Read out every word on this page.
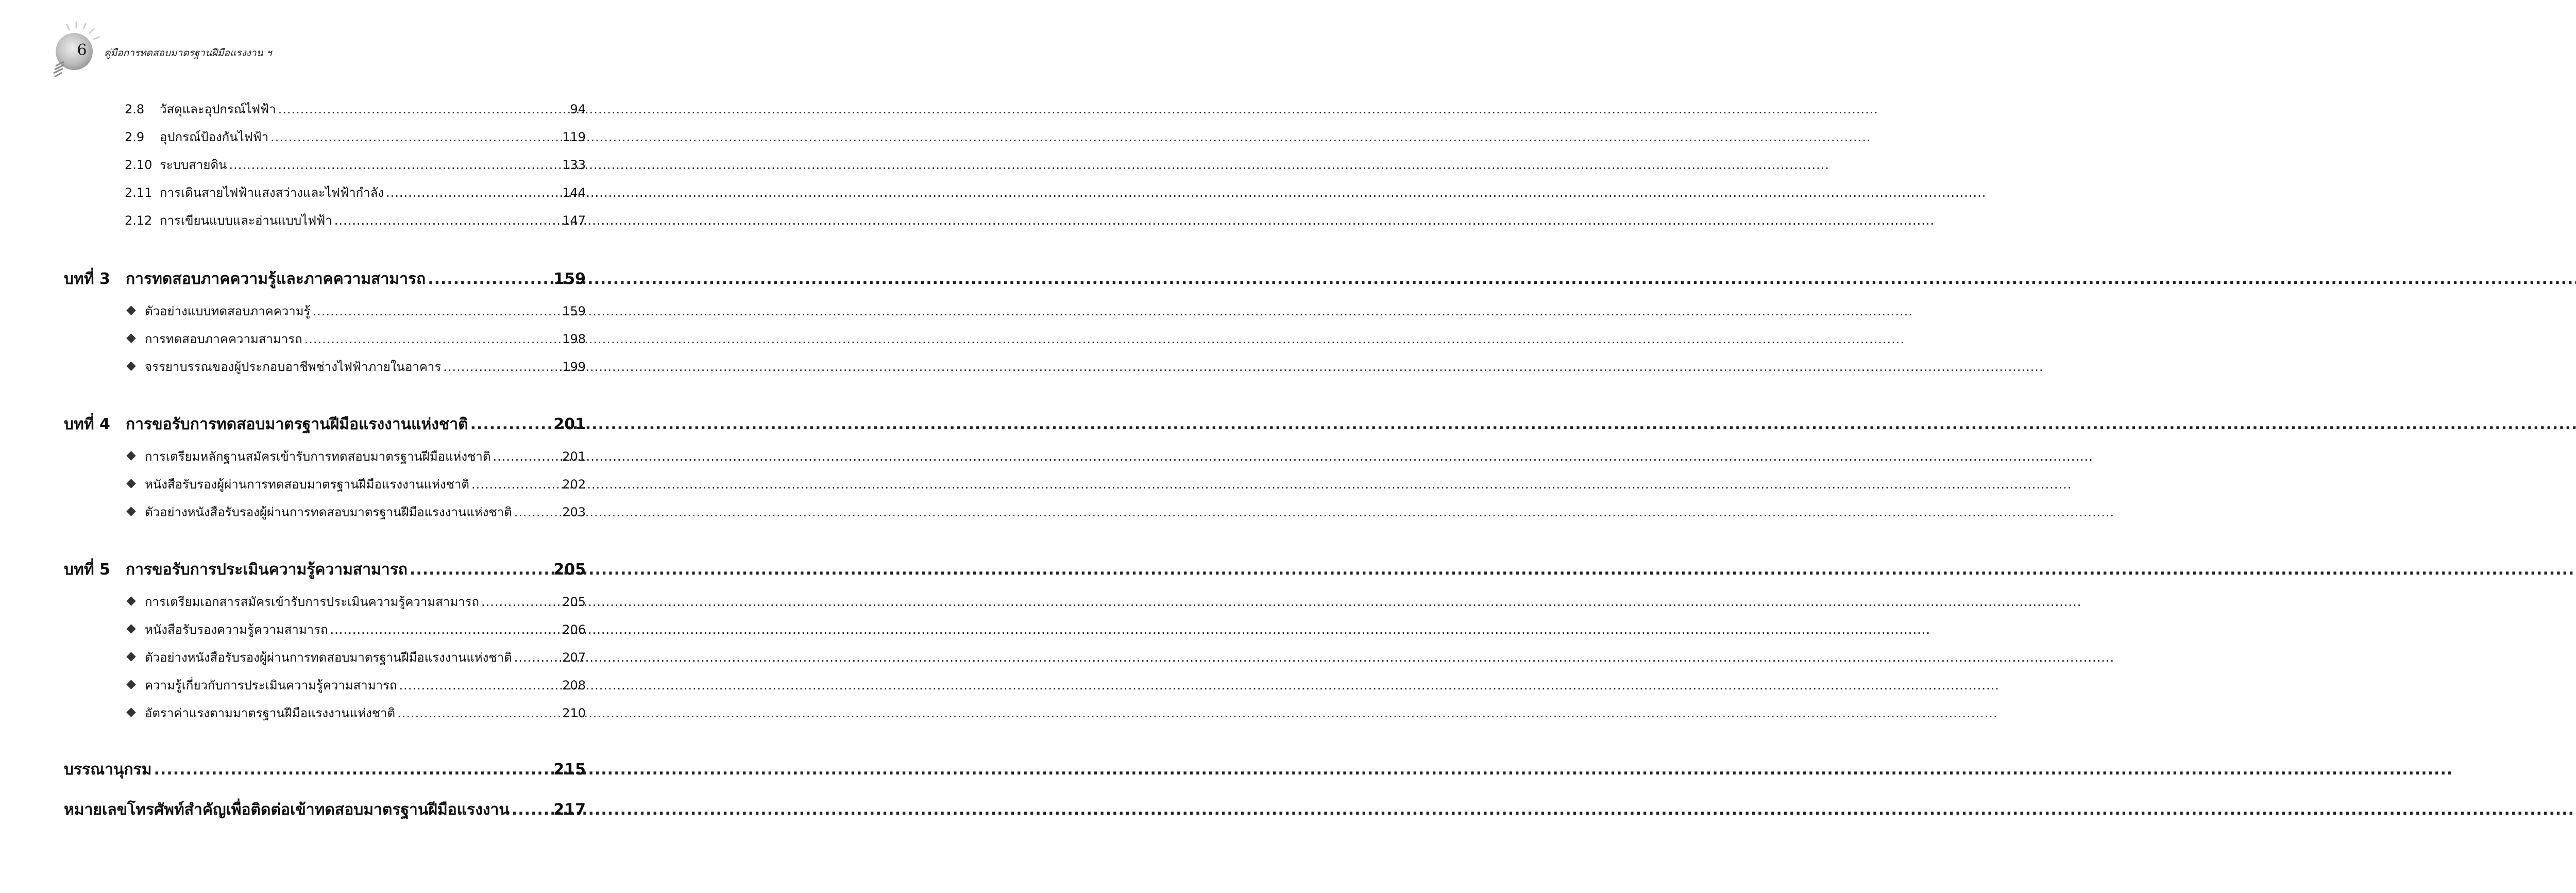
6	คู่มือการทดสอบมาตรฐานฝีมือแรงงาน ฯ
2.8	วัสดุและอุปกรณ์ไฟฟ้า .....	94
2.9	อุปกรณ์ป้องกันไฟฟ้า .....	119
2.10 ระบบสายดิน .....	133
2.11 การเดินสายไฟฟ้าแสงสว่างและไฟฟ้ากำลัง .....	144
2.12 การเขียนแบบและอ่านแบบไฟฟ้า .....	147
บทที่ 3	การทดสอบภาคความรู้และภาคความสามารถ .....	159
ตัวอย่างแบบทดสอบภาคความรู้ .....	159
การทดสอบภาคความสามารถ .....	198
จรรยาบรรณของผู้ประกอบอาชีพช่างไฟฟ้าภายในอาคาร .....	199
บทที่ 4	การขอรับการทดสอบมาตรฐานฝีมือแรงงานแห่งชาติ .....	201
การเตรียมหลักฐานสมัครเข้ารับการทดสอบมาตรฐานฝีมือแห่งชาติ .....	201
หนังสือรับรองผู้ผ่านการทดสอบมาตรฐานฝีมือแรงงานแห่งชาติ .....	202
ตัวอย่างหนังสือรับรองผู้ผ่านการทดสอบมาตรฐานฝีมือแรงงานแห่งชาติ .....	203
บทที่ 5	การขอรับการประเมินความรู้ความสามารถ .....	205
การเตรียมเอกสารสมัครเข้ารับการประเมินความรู้ความสามารถ .....	205
หนังสือรับรองความรู้ความสามารถ .....	206
ตัวอย่างหนังสือรับรองผู้ผ่านการทดสอบมาตรฐานฝีมือแรงงานแห่งชาติ .....	207
ความรู้เกี่ยวกับการประเมินความรู้ความสามารถ .....	208
อัตราค่าแรงตามมาตรฐานฝีมือแรงงานแห่งชาติ .....	210
บรรณานุกรม .....	215
หมายเลขโทรศัพท์สำคัญเพื่อติดต่อเข้าทดสอบมาตรฐานฝีมือแรงงาน .....	217
